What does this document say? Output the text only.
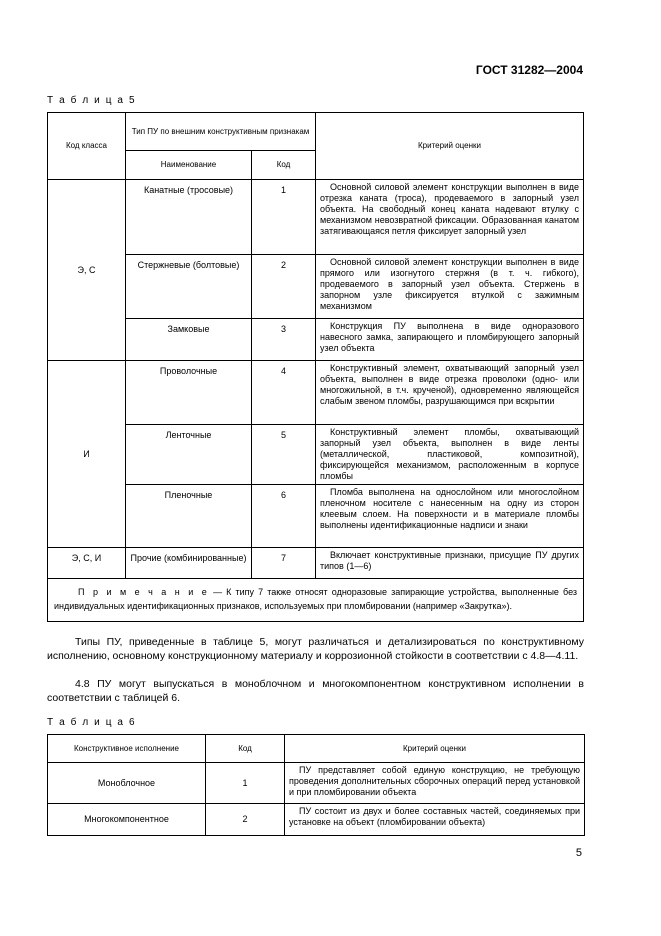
ГОСТ 31282—2004
Т а б л и ц а 5
Код класса	Тип ПУ по внешним конструктивным признакам		Критерий оценки
	Наименование	Код	
Э, С	Канатные (тросовые)	1	Основной силовой элемент конструкции выполнен в виде отрезка каната (троса), продеваемого в запорный узел объекта. На свободный конец каната надевают втулку с механизмом невозвратной фиксации. Образованная канатом затягивающаяся петля фиксирует запорный узел
	Стержневые (болтовые)	2	Основной силовой элемент конструкции выполнен в виде прямого или изогнутого стержня (в т. ч. гибкого), продеваемого в запорный узел объекта. Стержень в запорном узле фиксируется втулкой с зажимным механизмом
	Замковые	3	Конструкция ПУ выполнена в виде одноразового навесного замка, запирающего и пломбирующего запорный узел объекта
И	Проволочные	4	Конструктивный элемент, охватывающий запорный узел объекта, выполнен в виде отрезка проволоки (одно- или многожильной, в т.ч. крученой), одновременно являющейся слабым звеном пломбы, разрушающимся при вскрытии
	Ленточные	5	Конструктивный элемент пломбы, охватывающий запорный узел объекта, выполнен в виде ленты (металлической, пластиковой, композитной), фиксирующейся механизмом, расположенным в корпусе пломбы
	Пленочные	6	Пломба выполнена на однослойном или многослойном пленочном носителе с нанесенным на одну из сторон клеевым слоем. На поверхности и в материале пломбы выполнены идентификационные надписи и знаки
Э, С, И	Прочие (комбинированные)	7	Включает конструктивные признаки, присущие ПУ других типов (1—6)
П р и м е ч а н и е — К типу 7 также относят одноразовые запирающие устройства, выполненные без индивидуальных идентификационных признаков, используемых при пломбировании (например «Закрутка»).			
Типы ПУ, приведенные в таблице 5, могут различаться и детализироваться по конструктивному исполнению, основному конструкционному материалу и коррозионной стойкости в соответствии с 4.8—4.11.
4.8 ПУ могут выпускаться в моноблочном и многокомпонентном конструктивном исполнении в соответствии с таблицей 6.
Т а б л и ц а 6
Конструктивное исполнение	Код	Критерий оценки
Моноблочное	1	ПУ представляет собой единую конструкцию, не требующую проведения дополнительных сборочных операций перед установкой и при пломбировании объекта
Многокомпонентное	2	ПУ состоит из двух и более составных частей, соединяемых при установке на объект (пломбировании объекта)
5
